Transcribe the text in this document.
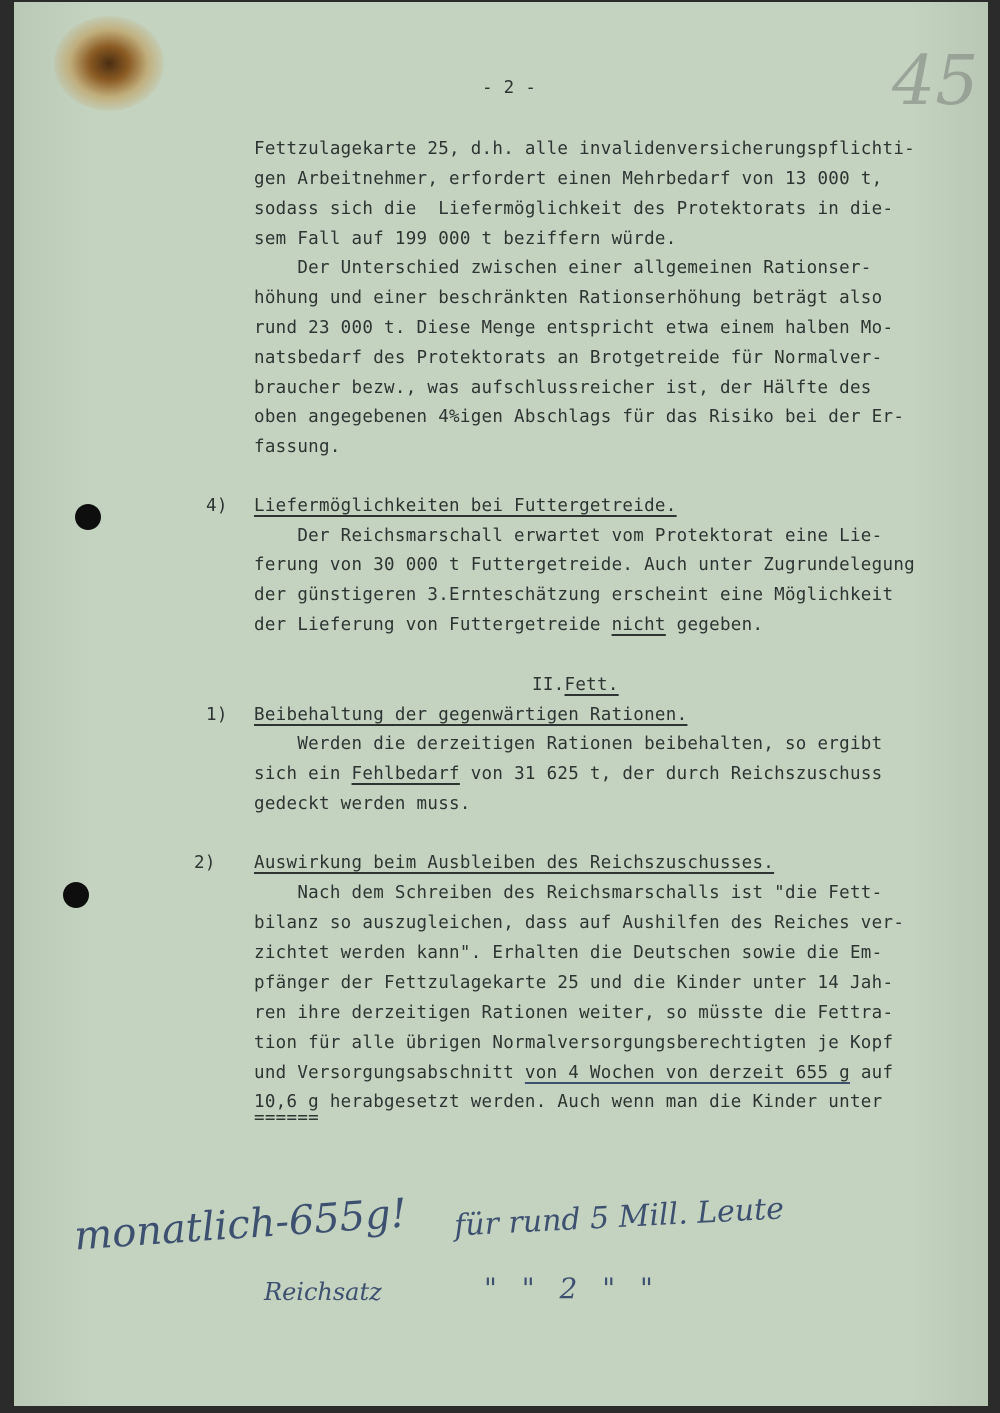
45
- 2 -
Fettzulagekarte 25, d.h. alle invalidenversicherungspflichti-
gen Arbeitnehmer, erfordert einen Mehrbedarf von 13 000 t,
sodass sich die  Liefermöglichkeit des Protektorats in die-
sem Fall auf 199 000 t beziffern würde.
Der Unterschied zwischen einer allgemeinen Rationser-
höhung und einer beschränkten Rationserhöhung beträgt also
rund 23 000 t. Diese Menge entspricht etwa einem halben Mo-
natsbedarf des Protektorats an Brotgetreide für Normalver-
braucher bezw., was aufschlussreicher ist, der Hälfte des
oben angegebenen 4%igen Abschlags für das Risiko bei der Er-
fassung.
4) Liefermöglichkeiten bei Futtergetreide.
Der Reichsmarschall erwartet vom Protektorat eine Lie-
ferung von 30 000 t Futtergetreide. Auch unter Zugrundelegung
der günstigeren 3.Ernteschätzung erscheint eine Möglichkeit
der Lieferung von Futtergetreide nicht gegeben.
II.Fett.
1) Beibehaltung der gegenwärtigen Rationen.
Werden die derzeitigen Rationen beibehalten, so ergibt
sich ein Fehlbedarf von 31 625 t, der durch Reichszuschuss
gedeckt werden muss.
2) Auswirkung beim Ausbleiben des Reichszuschusses.
Nach dem Schreiben des Reichsmarschalls ist "die Fett-
bilanz so auszugleichen, dass auf Aushilfen des Reiches ver-
zichtet werden kann". Erhalten die Deutschen sowie die Em-
pfänger der Fettzulagekarte 25 und die Kinder unter 14 Jah-
ren ihre derzeitigen Rationen weiter, so müsste die Fettra-
tion für alle übrigen Normalversorgungsberechtigten je Kopf
und Versorgungsabschnitt von 4 Wochen von derzeit 655 g auf
10,6 g herabgesetzt werden. Auch wenn man die Kinder unter
======
monatlich-655g! für rund 5 Mill. Leute
Reichsatz	" " 2 " "
